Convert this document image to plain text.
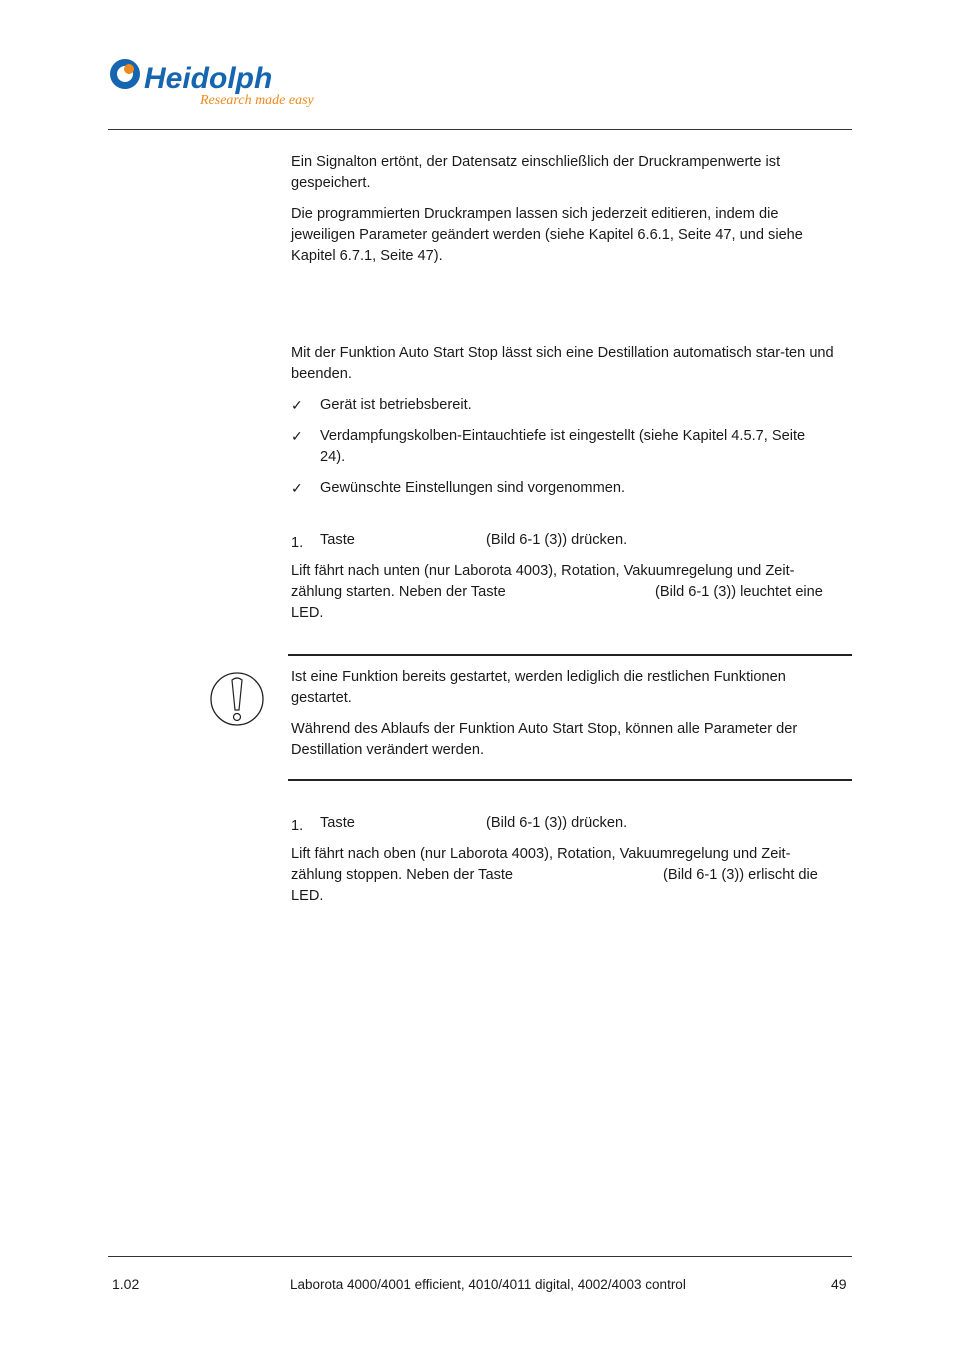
Heidolph
Research made easy

Ein Signalton ertönt, der Datensatz einschließlich der Druckrampenwerte ist gespeichert.

Die programmierten Druckrampen lassen sich jederzeit editieren, indem die jeweiligen Parameter geändert werden (siehe Kapitel 6.6.1, Seite 47, und siehe Kapitel 6.7.1, Seite 47).

Mit der Funktion Auto Start Stop lässt sich eine Destillation automatisch star-ten und beenden.

✓	Gerät ist betriebsbereit.
✓	Verdampfungskolben-Eintauchtiefe ist eingestellt (siehe Kapitel 4.5.7, Seite 24).
✓	Gewünschte Einstellungen sind vorgenommen.
1. Taste	(Bild 6-1 (3)) drücken.

Lift fährt nach unten (nur Laborota 4003), Rotation, Vakuumregelung und Zeit-

zählung starten. Neben der Taste	(Bild 6-1 (3)) leuchtet eine

LED.

Ist eine Funktion bereits gestartet, werden lediglich die restlichen Funktionen gestartet.

Während des Ablaufs der Funktion Auto Start Stop, können alle Parameter der Destillation verändert werden.

1. Taste	(Bild 6-1 (3)) drücken.

Lift fährt nach oben (nur Laborota 4003), Rotation, Vakuumregelung und Zeit-

zählung stoppen. Neben der Taste	(Bild 6-1 (3)) erlischt die

LED.

1.02	Laborota 4000/4001 efficient, 4010/4011 digital, 4002/4003 control	49
